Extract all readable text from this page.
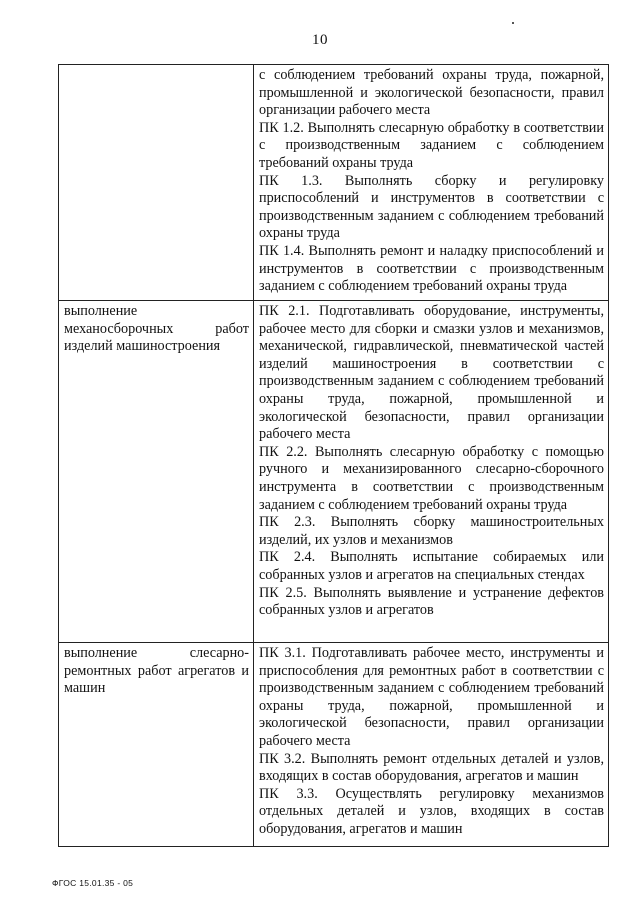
10

	с соблюдением требований охраны труда, пожарной, промышленной и экологической безопасности, правил организации рабочего места
ПК 1.2. Выполнять слесарную обработку в соответствии с производственным заданием с соблюдением требований охраны труда
ПК 1.3. Выполнять сборку и регулировку приспособлений и инструментов в соответствии с производственным заданием с соблюдением требований охраны труда
ПК 1.4. Выполнять ремонт и наладку приспособлений и инструментов в соответствии с производственным заданием с соблюдением требований охраны труда

выполнение механосборочных работ изделий машиностроения	ПК 2.1. Подготавливать оборудование, инструменты, рабочее место для сборки и смазки узлов и механизмов, механической, гидравлической, пневматической частей изделий машиностроения в соответствии с производственным заданием с соблюдением требований охраны труда, пожарной, промышленной и экологической безопасности, правил организации рабочего места
ПК 2.2. Выполнять слесарную обработку с помощью ручного и механизированного слесарно-сборочного инструмента в соответствии с производственным заданием с соблюдением требований охраны труда
ПК 2.3. Выполнять сборку машиностроительных изделий, их узлов и механизмов
ПК 2.4. Выполнять испытание собираемых или собранных узлов и агрегатов на специальных стендах
ПК 2.5. Выполнять выявление и устранение дефектов собранных узлов и агрегатов

выполнение слесарно-ремонтных работ агрегатов и машин	ПК 3.1. Подготавливать рабочее место, инструменты и приспособления для ремонтных работ в соответствии с производственным заданием с соблюдением требований охраны труда, пожарной, промышленной и экологической безопасности, правил организации рабочего места
ПК 3.2. Выполнять ремонт отдельных деталей и узлов, входящих в состав оборудования, агрегатов и машин
ПК 3.3. Осуществлять регулировку механизмов отдельных деталей и узлов, входящих в состав оборудования, агрегатов и машин
ФГОС 15.01.35 - 05
